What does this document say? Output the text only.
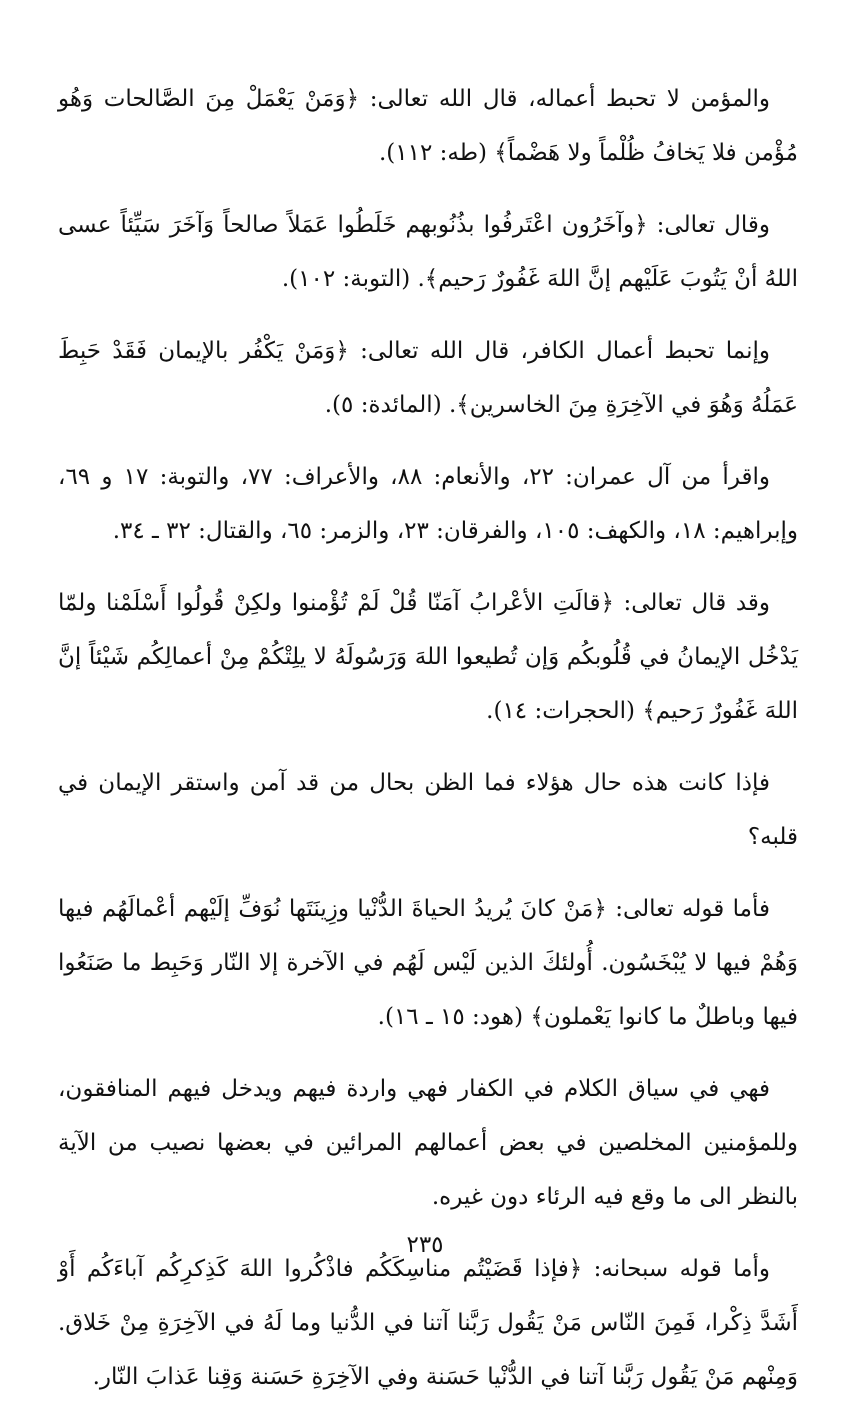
والمؤمن لا تحبط أعماله، قال الله تعالى: ﴿وَمَنْ يَعْمَلْ مِنَ الصَّالحات وَهُو مُؤْمن فلا يَخافُ ظُلْماً ولا هَضْماً﴾ (طه: ١١٢).

وقال تعالى: ﴿وآخَرُون اعْتَرفُوا بذُنُوبهم خَلَطُوا عَمَلاً صالحاً وَآخَرَ سَيِّئاً عسى اللهُ أنْ يَتُوبَ عَلَيْهم إنَّ اللهَ غَفُورٌ رَحيم﴾. (التوبة: ١٠٢).

وإنما تحبط أعمال الكافر، قال الله تعالى: ﴿وَمَنْ يَكْفُر بالإيمان فَقَدْ حَبِطَ عَمَلُهُ وَهُوَ في الآخِرَةِ مِنَ الخاسرين﴾. (المائدة: ٥).

واقرأ من آل عمران: ٢٢، والأنعام: ٨٨، والأعراف: ٧٧، والتوبة: ١٧ و ٦٩، وإبراهيم: ١٨، والكهف: ١٠٥، والفرقان: ٢٣، والزمر: ٦٥، والقتال: ٣٢ ـ ٣٤.

وقد قال تعالى: ﴿قالَتِ الأعْرابُ آمَنّا قُلْ لَمْ تُؤْمنوا ولكِنْ قُولُوا أَسْلَمْنا ولمّا يَدْخُل الإيمانُ في قُلُوبكُم وَإن تُطيعوا اللهَ وَرَسُولَهُ لا يلِتْكُمْ مِنْ أعمالِكُم شَيْئاً إنَّ اللهَ غَفُورٌ رَحيم﴾ (الحجرات: ١٤).

فإذا كانت هذه حال هؤلاء فما الظن بحال من قد آمن واستقر الإيمان في قلبه؟

فأما قوله تعالى: ﴿مَنْ كانَ يُريدُ الحياةَ الدُّنْيا وزِينَتَها نُوَفِّ إلَيْهم أعْمالَهُم فيها وَهُمْ فيها لا يُبْخَسُون. أُولئكَ الذين لَيْس لَهُم في الآخرة إلا النّار وَحَبِط ما صَنَعُوا فيها وباطلٌ ما كانوا يَعْملون﴾ (هود: ١٥ ـ ١٦).

فهي في سياق الكلام في الكفار فهي واردة فيهم ويدخل فيهم المنافقون، وللمؤمنين المخلصين في بعض أعمالهم المرائين في بعضها نصيب من الآية بالنظر الى ما وقع فيه الرئاء دون غيره.

وأما قوله سبحانه: ﴿فإذا قَضَيْتُم مناسِكَكُم فاذْكُروا اللهَ كَذِكرِكُم آباءَكُم أَوْ أَشَدَّ ذِكْرا، فَمِنَ النّاس مَنْ يَقُول رَبَّنا آتنا في الدُّنيا وما لَهُ في الآخِرَةِ مِنْ خَلاق. وَمِنْهم مَنْ يَقُول رَبَّنا آتنا في الدُّنْيا حَسَنة وفي الآخِرَةِ حَسَنة وَقِنا عَذابَ النّار.

٢٣٥
